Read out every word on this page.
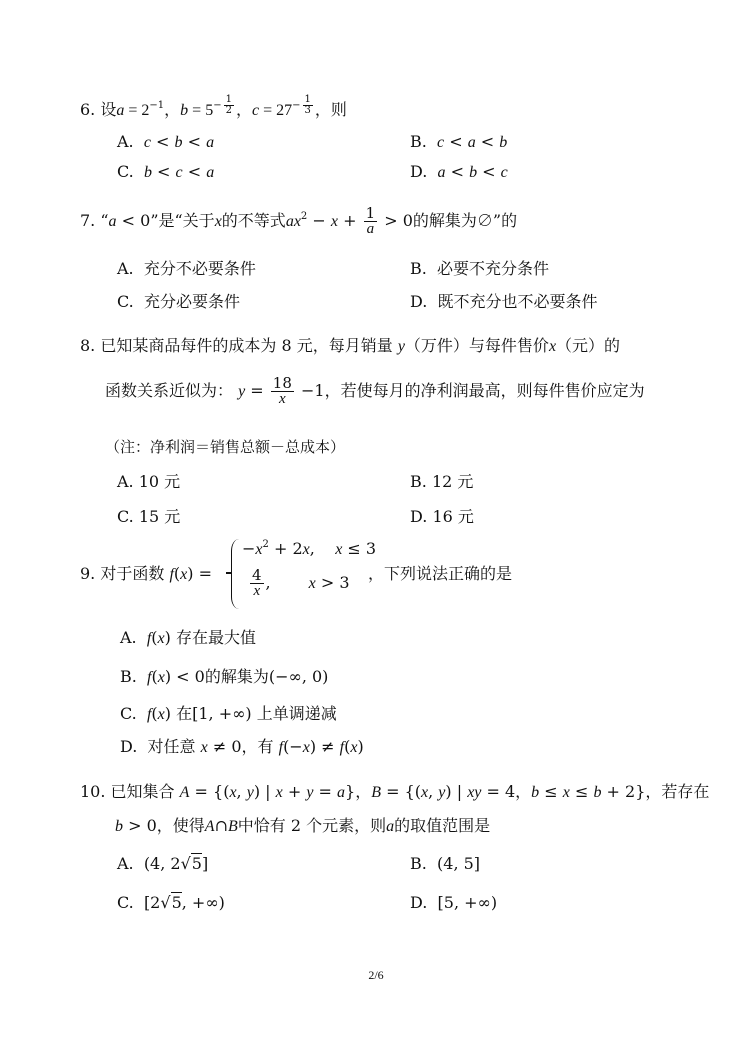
6. 设$a = 2^{-1}$，$b = 5^{- \frac{1}{2}}$ ，$c = 27^{- \frac{1}{3}}$ ，则
A. c < b < a	B. c < a < b
C. b < c < a	D. a < b < c
7. “a < 0”是“关于x的不等式$ax^2 - x + \frac{1}{a} > 0$的解集为∅”的
A. 充分不必要条件	B. 必要不充分条件
C. 充分必要条件	D. 既不充分也不必要条件
8. 已知某商品每件的成本为 8 元，每月销量 y（万件）与每件售价x（元）的
函数关系近似为： $y = \frac{18}{x} -1$，若使每月的净利润最高，则每件售价应定为
（注：净利润＝销售总额－总成本）
A. 10 元	B. 12 元
C. 15 元	D. 16 元
9. 对于函数 f(x) =
$-x^2 + 2x$,    x ≤ 3
$\frac{4}{x}$ , x > 3 ，下列说法正确的是
A. f(x) 存在最大值
B. f(x) < 0的解集为(−∞, 0)
C. f(x) 在[1, +∞) 上单调递减
D. 对任意 x ≠ 0，有 f(−x) ≠ f(x)
10. 已知集合 A = {(x, y) | x + y = a}，B = {(x, y) | xy = 4，b ≤ x ≤ b + 2}，若存在
b > 0，使得A∩B中恰有 2 个元素，则a的取值范围是
A.  (4, 2√5]	B.  (4, 5]
C.  [2√5, +∞)	D.  [5, +∞)
2/6
